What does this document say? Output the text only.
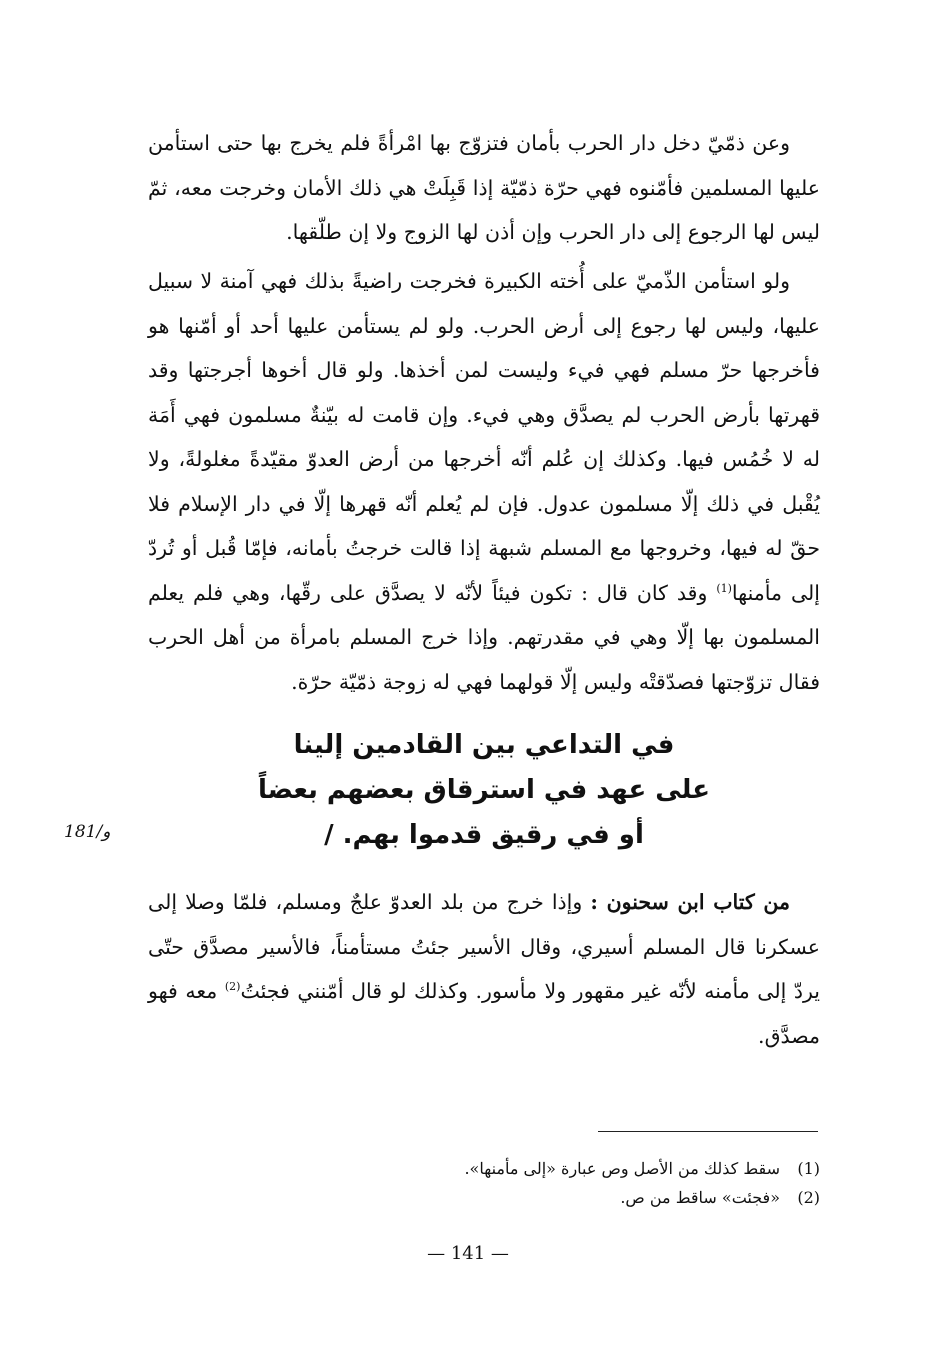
وعن ذمّيّ دخل دار الحرب بأمان فتزوّج بها امْرأةً فلم يخرج بها حتى استأمن عليها المسلمين فأمّنوه فهي حرّة ذمّيّة إذا قَبِلَتْ هي ذلك الأمان وخرجت معه، ثمّ ليس لها الرجوع إلى دار الحرب وإن أذن لها الزوج ولا إن طلّقها.

ولو استأمن الذّميّ على أُخته الكبيرة فخرجت راضيةً بذلك فهي آمنة لا سبيل عليها، وليس لها رجوع إلى أرض الحرب. ولو لم يستأمن عليها أحد أو أمّنها هو فأخرجها حرّ مسلم فهي فيء وليست لمن أخذها. ولو قال أخوها أجرجتها وقد قهرتها بأرض الحرب لم يصدَّق وهي فيء. وإن قامت له بيّنةٌ مسلمون فهي أَمَة له لا خُمُس فيها. وكذلك إن عُلم أنّه أخرجها من أرض العدوّ مقيّدةً مغلولةً، ولا يُقْبل في ذلك إلّا مسلمون عدول. فإن لم يُعلم أنّه قهرها إلّا في دار الإسلام فلا حقّ له فيها، وخروجها مع المسلم شبهة إذا قالت خرجتُ بأمانه، فإمّا قُبل أو تُردّ إلى مأمنها$^{(1)}$ وقد كان قال : تكون فيئاً لأنّه لا يصدَّق على رقّها، وهي فلم يعلم المسلمون بها إلّا وهي في مقدرتهم. وإذا خرج المسلم بامرأة من أهل الحرب فقال تزوّجتها فصدّقتْه وليس إلّا قولهما فهي له زوجة ذمّيّة حرّة.

في التداعي بين القادمين إلينا
على عهد في استرقاق بعضهم بعضاً
أو في رقيق قدموا بهم. /
181/و

من كتاب ابن سحنون : وإذا خرج من بلد العدوّ علجٌ ومسلم، فلمّا وصلا إلى عسكرنا قال المسلم أسيري، وقال الأسير جئتُ مستأمناً، فالأسير مصدَّق حتّى يردّ إلى مأمنه لأنّه غير مقهور ولا مأسور. وكذلك لو قال أمّنني فجئتُ$^{(2)}$ معه فهو مصدَّق.

(1)
سقط كذلك من الأصل وص عبارة «إلى مأمنها».
(2)
«فجئت» ساقط من ص.
— 141 —
